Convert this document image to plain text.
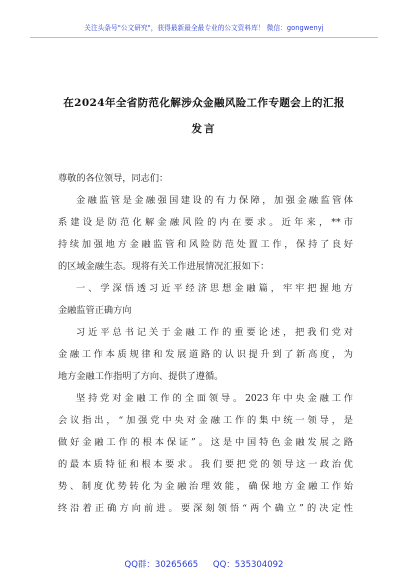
关注头条号"公文研究"，获得最新最全最专业的公文资料库！ 微信：gongwenyj
在2024年全省防范化解涉众金融风险工作专题会上的汇报
发言
尊敬的各位领导，同志们：
金融监管是金融强国建设的有力保障，加强金融监管体
系建设是防范化解金融风险的内在要求。近年来，**市
持续加强地方金融监管和风险防范处置工作，保持了良好
的区域金融生态。现将有关工作进展情况汇报如下：
一、学深悟透习近平经济思想金融篇，牢牢把握地方
金融监管正确方向
习近平总书记关于金融工作的重要论述，把我们党对
金融工作本质规律和发展道路的认识提升到了新高度，为
地方金融工作指明了方向、提供了遵循。
坚持党对金融工作的全面领导。2023年中央金融工作
会议指出，“加强党中央对金融工作的集中统一领导，是
做好金融工作的根本保证”。这是中国特色金融发展之路
的最本质特征和根本要求。我们要把党的领导这一政治优
势、制度优势转化为金融治理效能，确保地方金融工作始
终沿着正确方向前进。要深刻领悟“两个确立”的决定性
QQ群：30265665 QQ：535304092
